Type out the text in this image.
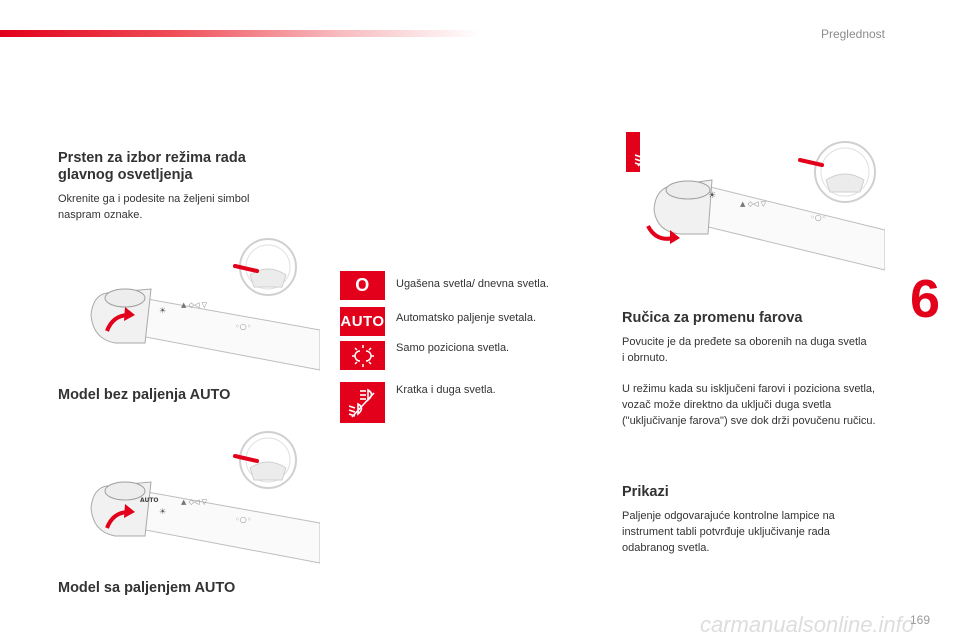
Preglednost
6
Prsten za izbor režima rada glavnog osvetljenja

Okrenite ga i podesite na željeni simbol naspram oznake.

☀
▲ ◇◁ ▽
◦○◦
Model bez paljenja AUTO
Model sa paljenjem AUTO
AUTO
☀
▲ ◇◁ ▽
◦○◦
O Ugašena svetla/ dnevna svetla.
AUTO Automatsko paljenje svetala.
Samo poziciona svetla.
Kratka i duga svetla.
☀
▲ ◇◁ ▽
◦○◦
Ručica za promenu farova

Povucite je da pređete sa oborenih na duga svetla i obrnuto.

U režimu kada su isključeni farovi i poziciona svetla, vozač može direktno da uključi duga svetla ("uključivanje farova") sve dok drži povučenu ručicu.

Prikazi

Paljenje odgovarajuće kontrolne lampice na instrument tabli potvrđuje uključivanje rada odabranog svetla.

carmanualsonline.info
169
